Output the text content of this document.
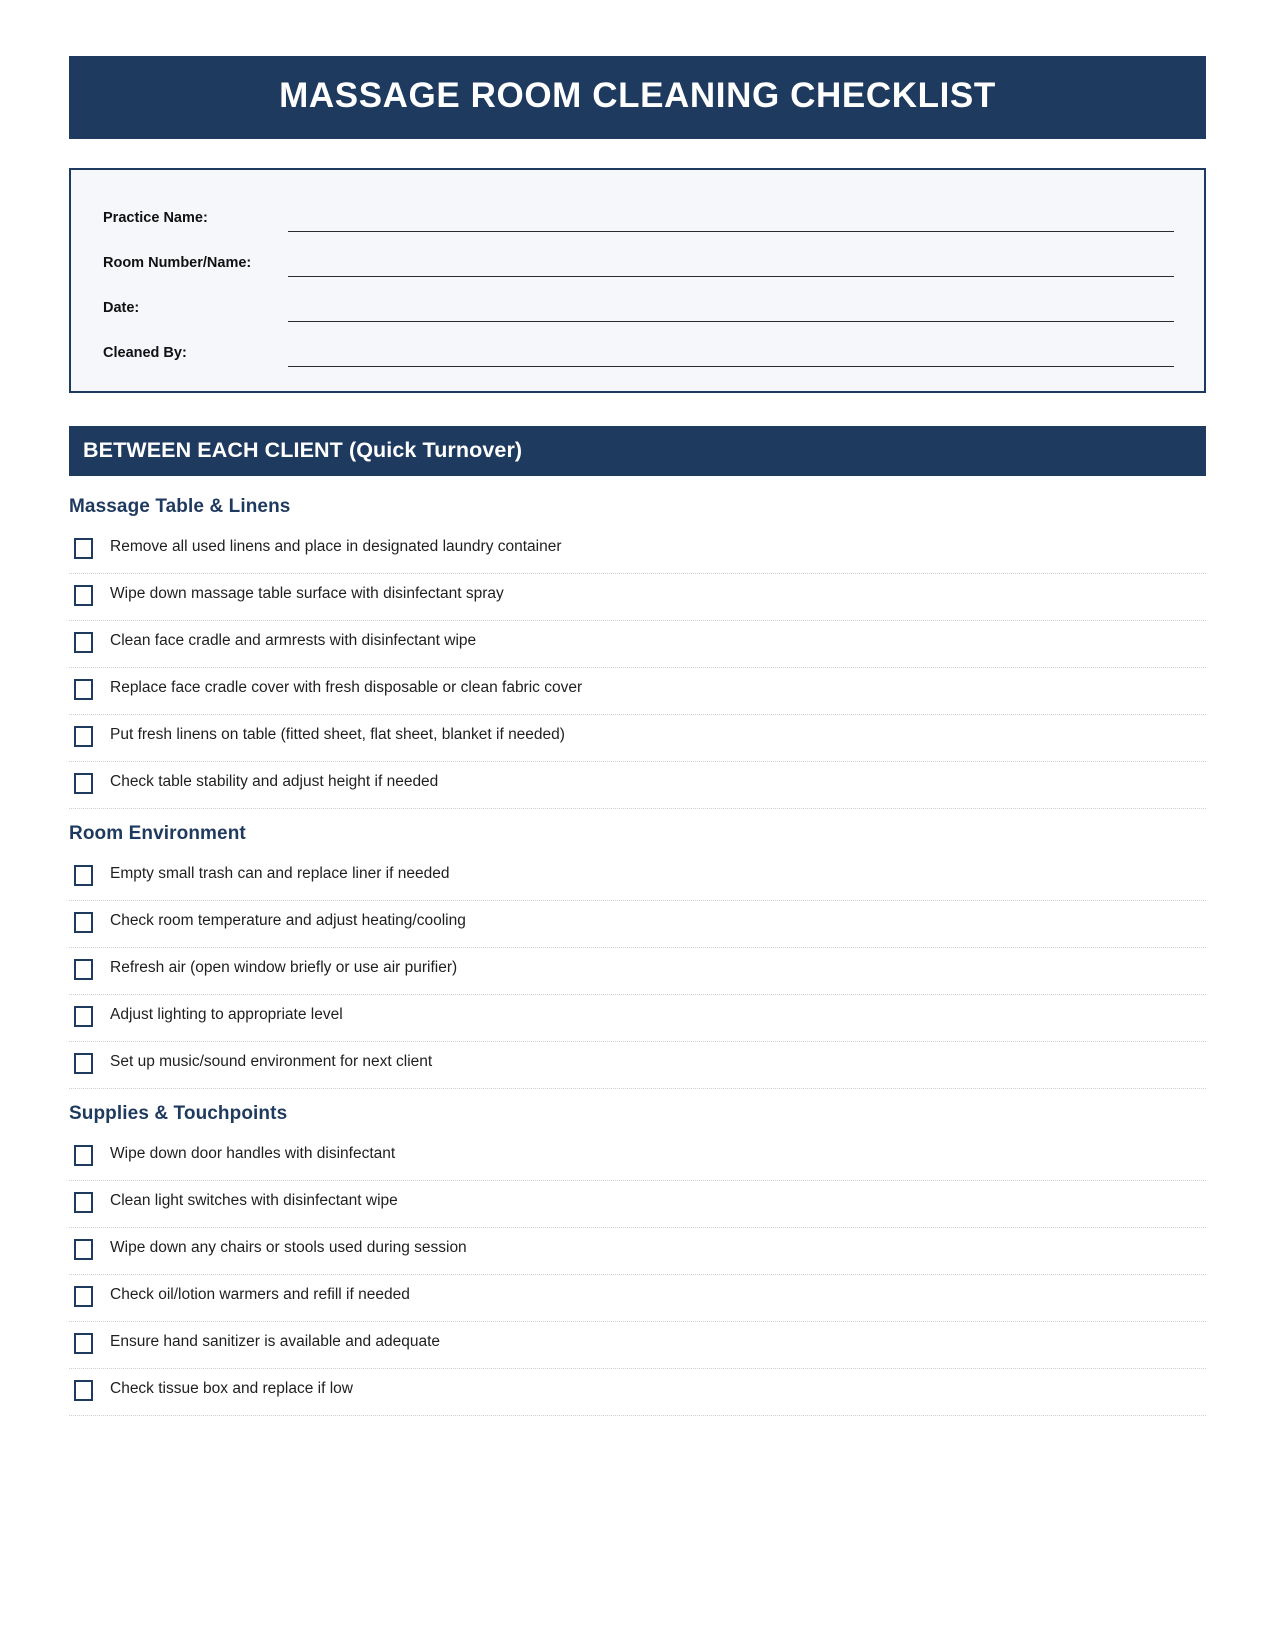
MASSAGE ROOM CLEANING CHECKLIST
Practice Name:
Room Number/Name:
Date:
Cleaned By:
BETWEEN EACH CLIENT (Quick Turnover)
Massage Table & Linens
Remove all used linens and place in designated laundry container
Wipe down massage table surface with disinfectant spray
Clean face cradle and armrests with disinfectant wipe
Replace face cradle cover with fresh disposable or clean fabric cover
Put fresh linens on table (fitted sheet, flat sheet, blanket if needed)
Check table stability and adjust height if needed
Room Environment
Empty small trash can and replace liner if needed
Check room temperature and adjust heating/cooling
Refresh air (open window briefly or use air purifier)
Adjust lighting to appropriate level
Set up music/sound environment for next client
Supplies & Touchpoints
Wipe down door handles with disinfectant
Clean light switches with disinfectant wipe
Wipe down any chairs or stools used during session
Check oil/lotion warmers and refill if needed
Ensure hand sanitizer is available and adequate
Check tissue box and replace if low
